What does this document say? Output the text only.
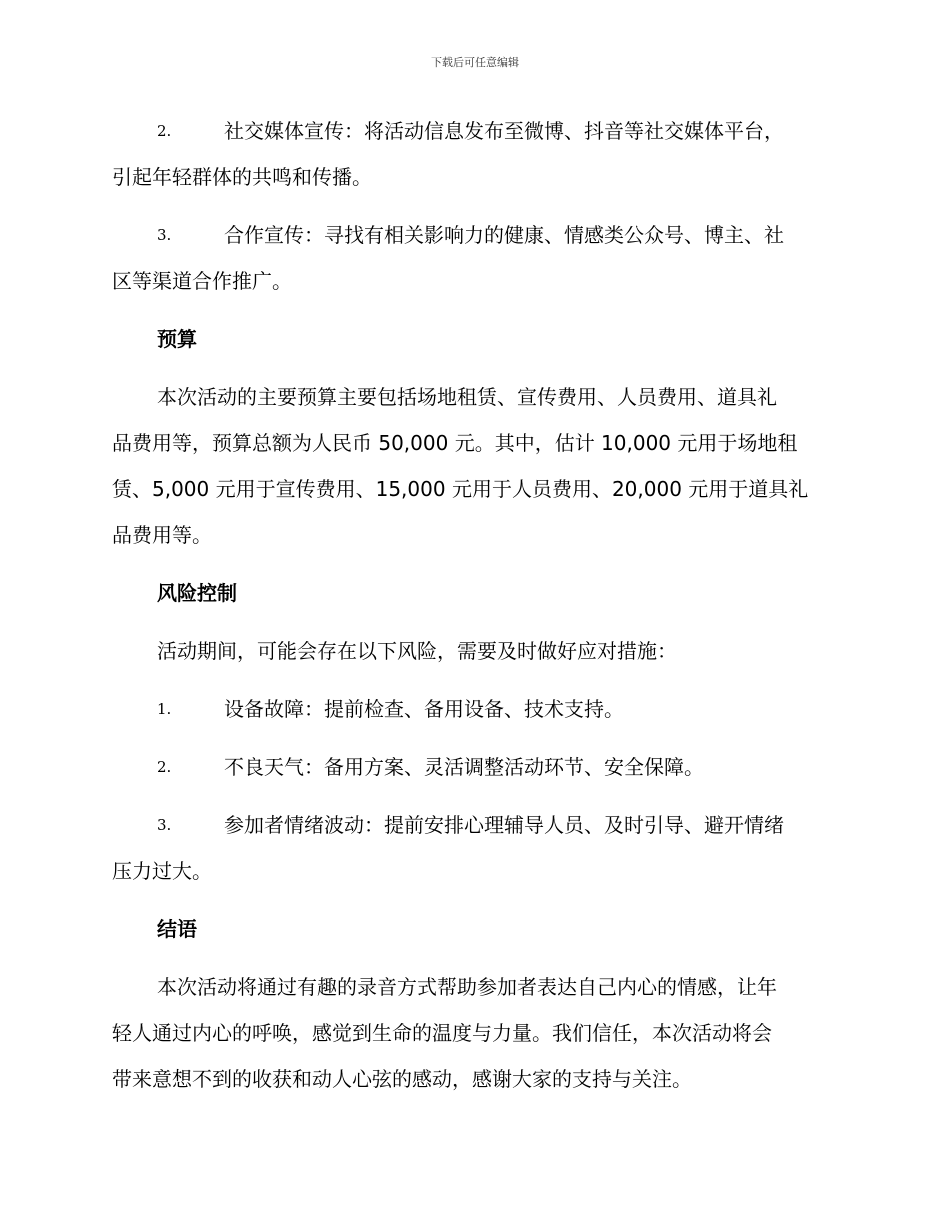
下载后可任意编辑
2.	社交媒体宣传：将活动信息发布至微博、抖音等社交媒体平台，
引起年轻群体的共鸣和传播。
3.	合作宣传：寻找有相关影响力的健康、情感类公众号、博主、社
区等渠道合作推广。
预算
本次活动的主要预算主要包括场地租赁、宣传费用、人员费用、道具礼
品费用等，预算总额为人民币 50,000 元。其中，估计 10,000 元用于场地租
赁、5,000 元用于宣传费用、15,000 元用于人员费用、20,000 元用于道具礼
品费用等。
风险控制
活动期间，可能会存在以下风险，需要及时做好应对措施：
1.	设备故障：提前检查、备用设备、技术支持。
2.	不良天气：备用方案、灵活调整活动环节、安全保障。
3.	参加者情绪波动：提前安排心理辅导人员、及时引导、避开情绪
压力过大。
结语
本次活动将通过有趣的录音方式帮助参加者表达自己内心的情感，让年
轻人通过内心的呼唤，感觉到生命的温度与力量。我们信任，本次活动将会
带来意想不到的收获和动人心弦的感动，感谢大家的支持与关注。
